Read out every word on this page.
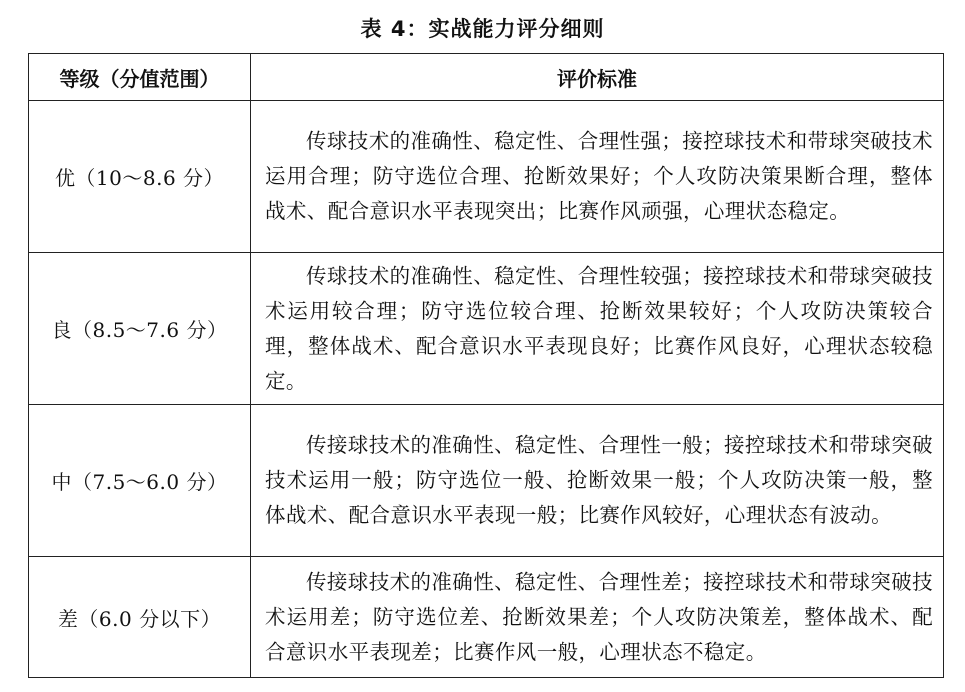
表 4：实战能力评分细则
等级（分值范围）	评价标准
优（10～8.6 分）	传球技术的准确性、稳定性、合理性强；接控球技术和带球突破技术运用合理；防守选位合理、抢断效果好；个人攻防决策果断合理，整体战术、配合意识水平表现突出；比赛作风顽强，心理状态稳定。
良（8.5～7.6 分）	传球技术的准确性、稳定性、合理性较强；接控球技术和带球突破技术运用较合理；防守选位较合理、抢断效果较好；个人攻防决策较合理，整体战术、配合意识水平表现良好；比赛作风良好，心理状态较稳定。
中（7.5～6.0 分）	传接球技术的准确性、稳定性、合理性一般；接控球技术和带球突破技术运用一般；防守选位一般、抢断效果一般；个人攻防决策一般，整体战术、配合意识水平表现一般；比赛作风较好，心理状态有波动。
差（6.0 分以下）	传接球技术的准确性、稳定性、合理性差；接控球技术和带球突破技术运用差；防守选位差、抢断效果差；个人攻防决策差，整体战术、配合意识水平表现差；比赛作风一般，心理状态不稳定。
